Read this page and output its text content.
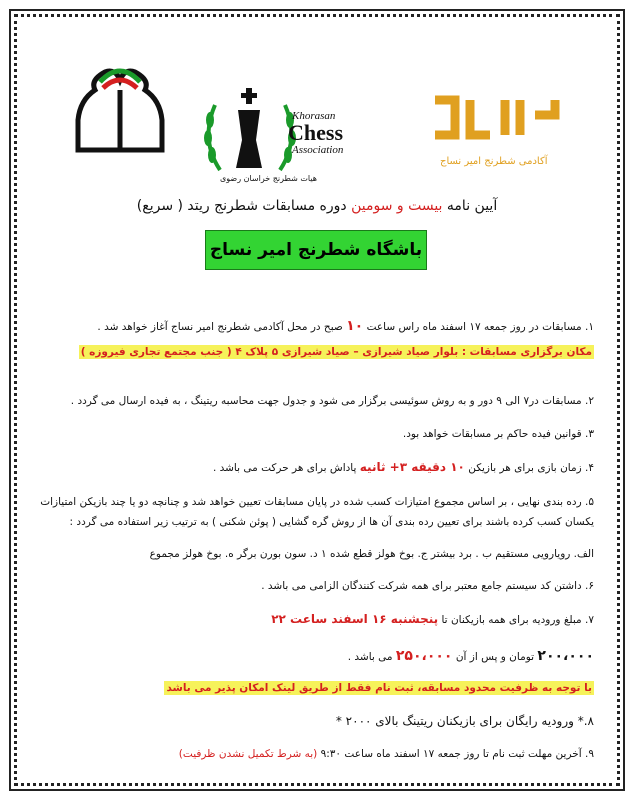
Khorasan
Chess
Association
هیات شطرنج خراسان رضوی
آکادمی شطرنج امیر نساج
آیین نامه بیست و سومین دوره مسابقات شطرنج ریتد ( سریع)
باشگاه شطرنج امیر نساج
۱. مسابقات در روز جمعه ۱۷ اسفند ماه راس ساعت ۱۰ صبح در محل آکادمی شطرنج امیر نساج آغاز خواهد شد .
مکان برگزاری مسابقات : بلوار صیاد شیرازی – صیاد شیرازی ۵ پلاک ۴ ( جنب مجتمع تجاری فیروزه )
۲. مسابقات در۷ الی ۹ دور و به روش سوئیسی برگزار می شود و جدول جهت محاسبه ریتینگ ، به فیده ارسال می گردد .
۳. قوانین فیده حاکم بر مسابقات خواهد بود.
۴. زمان بازی برای هر بازیکن ۱۰ دقیقه ۳+ ثانیه پاداش برای هر حرکت می باشد .
۵. رده بندی نهایی ، بر اساس مجموع امتیازات کسب شده در پایان مسابقات تعیین خواهد شد و چنانچه دو یا چند بازیکن امتیازات
یکسان کسب کرده باشند برای تعیین رده بندی آن ها از روش گره گشایی ( پوئن شکنی ) به ترتیب زیر استفاده می گردد :
الف. رویارویی مستقیم ب . برد بیشتر ج. بوخ هولز قطع شده ۱ د. سون بورن برگر ه. بوخ هولز مجموع
۶. داشتن کد سیستم جامع معتبر برای همه شرکت کنندگان الزامی می باشد .
۷. مبلغ ورودیه برای همه بازیکنان تا پنجشنبه ۱۶ اسفند ساعت ۲۲
۲۰۰،۰۰۰ تومان و پس از آن ۲۵۰،۰۰۰ می باشد .
با توجه به ظرفیت محدود مسابقه، ثبت نام فقط از طریق لینک امکان پذیر می باشد
۸.* ورودیه رایگان برای بازیکنان ریتینگ بالای ۲۰۰۰ *
۹. آخرین مهلت ثبت نام تا روز جمعه ۱۷ اسفند ماه ساعت ۹:۳۰ (به شرط تکمیل نشدن ظرفیت)
